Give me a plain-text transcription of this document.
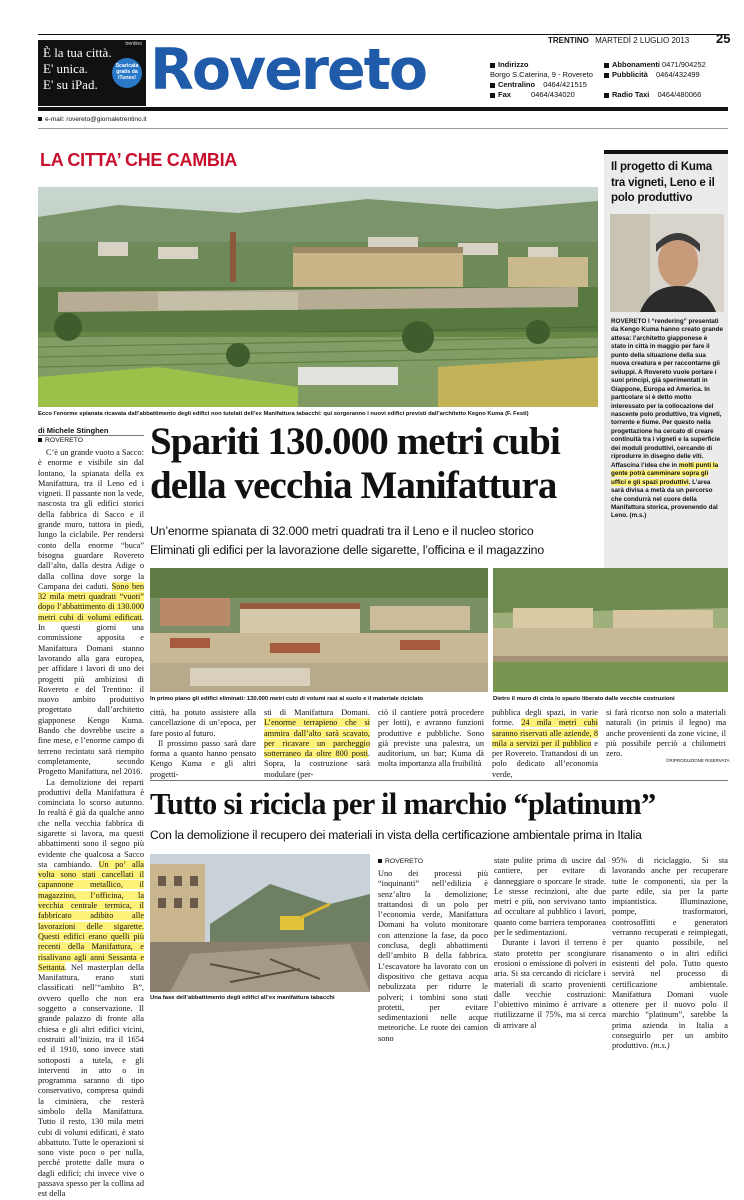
TRENTINO MARTEDÌ 2 LUGLIO 2013 25
trentino
È la tua città.
E' unica.
E' su iPad.
Scaricala gratis da iTunes! Rovereto	Indirizzo
Borgo S.Caterina, 9 - Rovereto
Centralino 0464/421515
Fax	0464/434020
Abbonamenti 0471/904252
Pubblicità 0464/432499
Radio Taxi 0464/480066
e-mail: rovereto@giornaletrentino.it
LA CITTA’ CHE CAMBIA
Ecco l’enorme spianata ricavata dall’abbattimento degli edifici non tutelati dell’ex Manifattura tabacchi: qui sorgeranno i nuovi edifici previsti dall’architetto Kegno Kuma (F. Festi)
Il progetto di Kuma tra vigneti, Leno e il polo produttivo
ROVERETO I “rendering” presentati da Kengo Kuma hanno creato grande attesa: l’architetto giapponese è stato in città in maggio per fare il punto della situazione della sua nuova creatura e per raccontarne gli sviluppi. A Rovereto vuole portare i suoi principi, già sperimentati in Giappone, Europa ed America. In particolare si è detto molto interessato per la collocazione del nascente polo produttivo, tra vigneti, torrente e fiume. Per questo nella progettazione ha cercato di creare continuità tra i vigneti e la superficie dei moduli produttivi, cercando di riprodurre in disegno delle viti. Affascina l’idea che in molti punti la gente potrà camminare sopra gli uffici e gli spazi produttivi. L’area sarà divisa a metà da un percorso che condurrà nel cuore della Manifattura storica, provenendo dal Leno. (m.s.)
di Michele Stinghen
ROVERETO Spariti 130.000 metri cubi
della vecchia Manifattura
Un’enorme spianata di 32.000 metri quadrati tra il Leno e il nucleo storico
Eliminati gli edifici per la lavorazione delle sigarette, l’officina e il magazzino
In primo piano gli edifici eliminati: 130.000 metri cubi di volumi rasi al suolo e il materiale riciclato	Dietro il muro di cinta lo spazio liberato dalle vecchie costruzioni

C’è un grande vuoto a Sacco: è enorme e visibile sin dal lontano, la spianata della ex Manifattura, tra il Leno ed i vigneti. Il passante non la vede, nascosta tra gli edifici storici della fabbrica di Sacco e il grande muro, tuttora in piedi, lungo la ciclabile. Per rendersi conto della enorme “buca” bisogna guardare Rovereto dall’alto, dalla destra Adige o dalla collina dove sorge la Campana dei caduti. Sono ben 32 mila metri quadrati “vuoti” dopo l’abbattimento di 130.000 metri cubi di volumi edificati. In questi giorni una commissione apposita e Manifattura Domani stanno lavorando alla gara europea, per affidare i lavori di uno dei progetti più ambiziosi di Rovereto e del Trentino: il nuovo ambito produttivo progettato dall’architetto giapponese Kengo Kuma. Bando che dovrebbe uscire a fine mese, e l’enorme campo di terreno recintato sarà riempito completamente, secondo Progetto Manifattura, nel 2016.

La demolizione dei reparti produttivi della Manifattura è cominciata lo scorso autunno. In realtà è già da qualche anno che nella vecchia fabbrica di sigarette si lavora, ma questi abbattimenti sono il segno più evidente che qualcosa a Sacco sta cambiando. Un po’ alla volta sono stati cancellati il capannone metallico, il magazzino, l’officina, la vecchia centrale termica, il fabbricato adibito alle lavorazioni delle sigarette. Questi edifici erano quelli più recenti della Manifattura, e risalivano agli anni Sessanta e Settanta. Nel masterplan della Manifattura, erano stati classificati nell’“ambito B”, ovvero quello che non era soggetto a conservazione. Il grande palazzo di fronte alla chiesa e gli altri edifici vicini, costruiti all’inizio, tra il 1654 ed il 1910, sono invece stati sottoposti a tutela, e gli interventi in atto o in programma saranno di tipo conservativo, compresa quindi la ciminiera, che resterà simbolo della Manifattura. Tutto il resto, 130 mila metri cubi di volumi edificati, è stato abbattuto. Tutte le operazioni si sono viste poco o per nulla, perché protette dalle mura o dagli edifici; chi invece vive o passava spesso per la collina ad est della

città, ha potuto assistere alla cancellazione di un’epoca, per fare posto al futuro.

Il prossimo passo sarà dare forma a quanto hanno pensato Kengo Kuma e gli altri progetti-

sti di Manifattura Domani. L’enorme terrapieno che si ammira dall’alto sarà scavato, per ricavare un parcheggio sotterraneo da oltre 800 posti. Sopra, la costruzione sarà modulare (per-

ciò il cantiere potrà procedere per lotti), e avranno funzioni produttive e pubbliche. Sono già previste una palestra, un auditorium, un bar; Kuma dà molta importanza alla fruibilità

pubblica degli spazi, in varie forme. 24 mila metri cubi saranno riservati alle aziende, 8 mila a servizi per il pubblico e per Rovereto. Trattandosi di un polo dedicato all’economia verde,

si farà ricorso non solo a materiali naturali (in primis il legno) ma anche provenienti da zone vicine, il più possibile perciò a chilometri zero.

©RIPRODUZIONE RISERVATA
Tutto si ricicla per il marchio “platinum”
Con la demolizione il recupero dei materiali in vista della certificazione ambientale prima in Italia
Una fase dell’abbattimento degli edifici all’ex manifattura tabacchi
ROVERETO

Uno dei processi più “inquinanti” nell’edilizia è senz’altro la demolizione; trattandosi di un polo per l’economia verde, Manifattura Domani ha voluto monitorare con attenzione la fase, da poco conclusa, degli abbattimenti dell’ambito B della fabbrica. L’escavatore ha lavorato con un dispositivo che gettava acqua nebulizzata per ridurre le polveri; i tombini sono stati protetti, per evitare sedimentazioni nelle acque meteoriche. Le ruote dei camion sono

state pulite prima di uscire dal cantiere, per evitare di danneggiare o sporcare le strade. Le stesse recinzioni, alte due metri e più, non servivano tanto ad occultare al pubblico i lavori, quanto come barriera temporanea per le sedimentazioni.

Durante i lavori il terreno è stato protetto per scongiurare erosioni o emissione di polveri in aria. Si sta cercando di riciclare i materiali di scarto provenienti dalle vecchie costruzioni: l’obiettivo minimo è arrivare a riutilizzarne il 75%, ma si cerca di arrivare al

95% di riciclaggio. Si sta lavorando anche per recuperare tutte le componenti, sia per la parte edile, sia per la parte impiantistica. Illuminazione, pompe, trasformatori, controsoffitti e generatori verranno recuperati e reimpiegati, per quanto possibile, nel risanamento o in altri edifici esistenti del polo. Tutto questo servirà nel processo di certificazione ambientale. Manifattura Domani vuole ottenere per il nuovo polo il marchio “platinum”, sarebbe la prima azienda in Italia a conseguirlo per un ambito produttivo. (m.s.)
